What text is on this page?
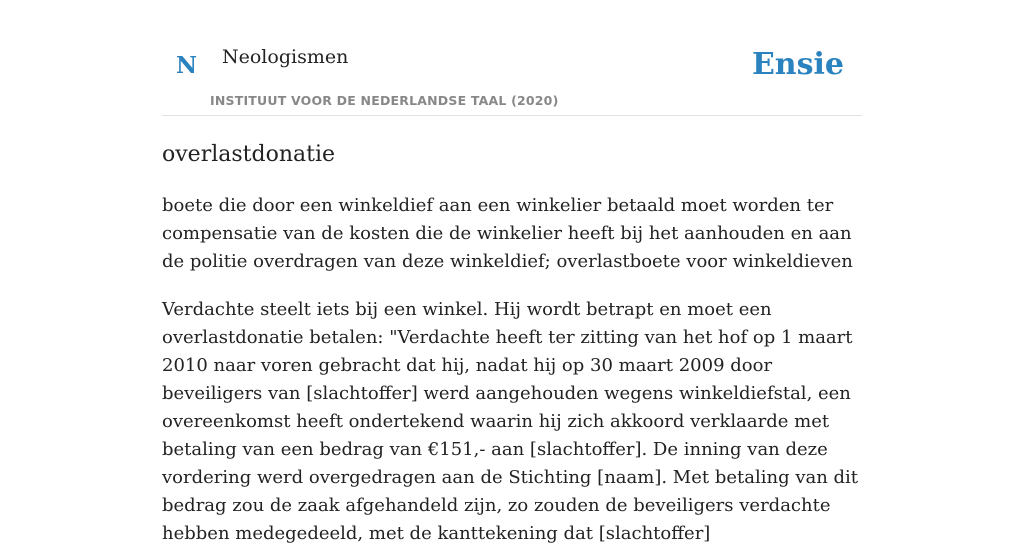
N Neologismen
INSTITUUT VOOR DE NEDERLANDSE TAAL (2020)
Ensie
overlastdonatie

boete die door een winkeldief aan een winkelier betaald moet worden ter compensatie van de kosten die de winkelier heeft bij het aanhouden en aan de politie overdragen van deze winkeldief; overlastboete voor winkeldieven

Verdachte steelt iets bij een winkel. Hij wordt betrapt en moet een overlastdonatie betalen: "Verdachte heeft ter zitting van het hof op 1 maart 2010 naar voren gebracht dat hij, nadat hij op 30 maart 2009 door beveiligers van [slachtoffer] werd aangehouden wegens winkeldiefstal, een overeenkomst heeft ondertekend waarin hij zich akkoord verklaarde met betaling van een bedrag van €151,- aan [slachtoffer]. De inning van deze vordering werd overgedragen aan de Stichting [naam]. Met betaling van dit bedrag zou de zaak afgehandeld zijn, zo zouden de beveiligers verdachte hebben medegedeeld, met de kanttekening dat [slachtoffer]
